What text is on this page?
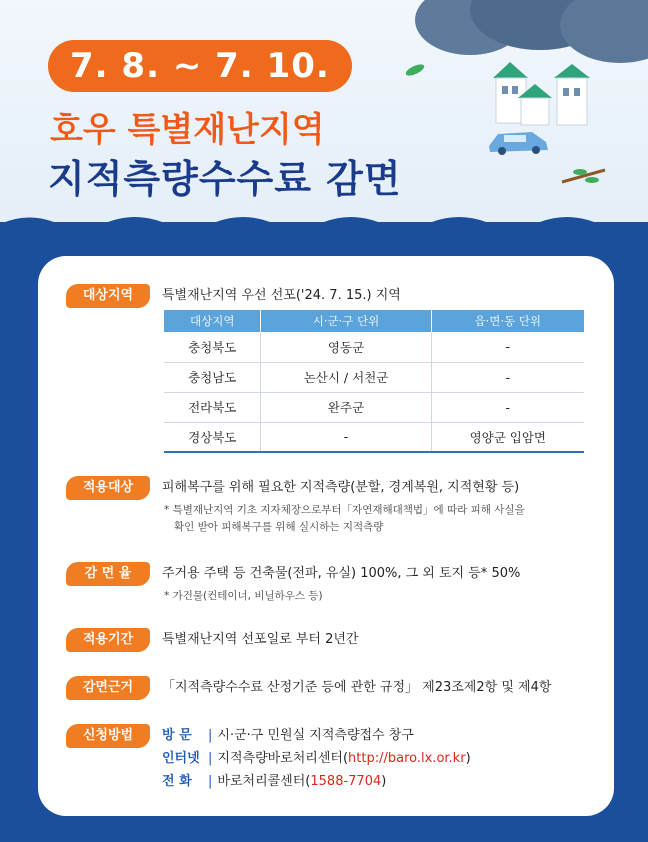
7. 8. ~ 7. 10.
호우 특별재난지역
지적측량수수료 감면
대상지역	특별재난지역 우선 선포('24. 7. 15.) 지역
대상지역	시·군·구 단위	읍·면·동 단위
충청북도	영동군	-
충청남도	논산시 / 서천군	-
전라북도	완주군	-
경상북도	-	영양군 입암면
적용대상	피해복구를 위해 필요한 지적측량(분할, 경계복원, 지적현황 등)
* 특별재난지역 기초 지자체장으로부터「자연재해대책법」에 따라 피해 사실을
확인 받아 피해복구를 위해 실시하는 지적측량
감 면 율	주거용 주택 등 건축물(전파, 유실) 100%, 그 외 토지 등* 50%
* 가건물(컨테이너, 비닐하우스 등)
적용기간	특별재난지역 선포일로 부터 2년간
감면근거	「지적측량수수료 산정기준 등에 관한 규정」 제23조제2항 및 제4항
신청방법	방 문 | 시·군·구 민원실 지적측량접수 창구
인터넷 | 지적측량바로처리센터(http://baro.lx.or.kr)
전 화 | 바로처리콜센터(1588-7704)
